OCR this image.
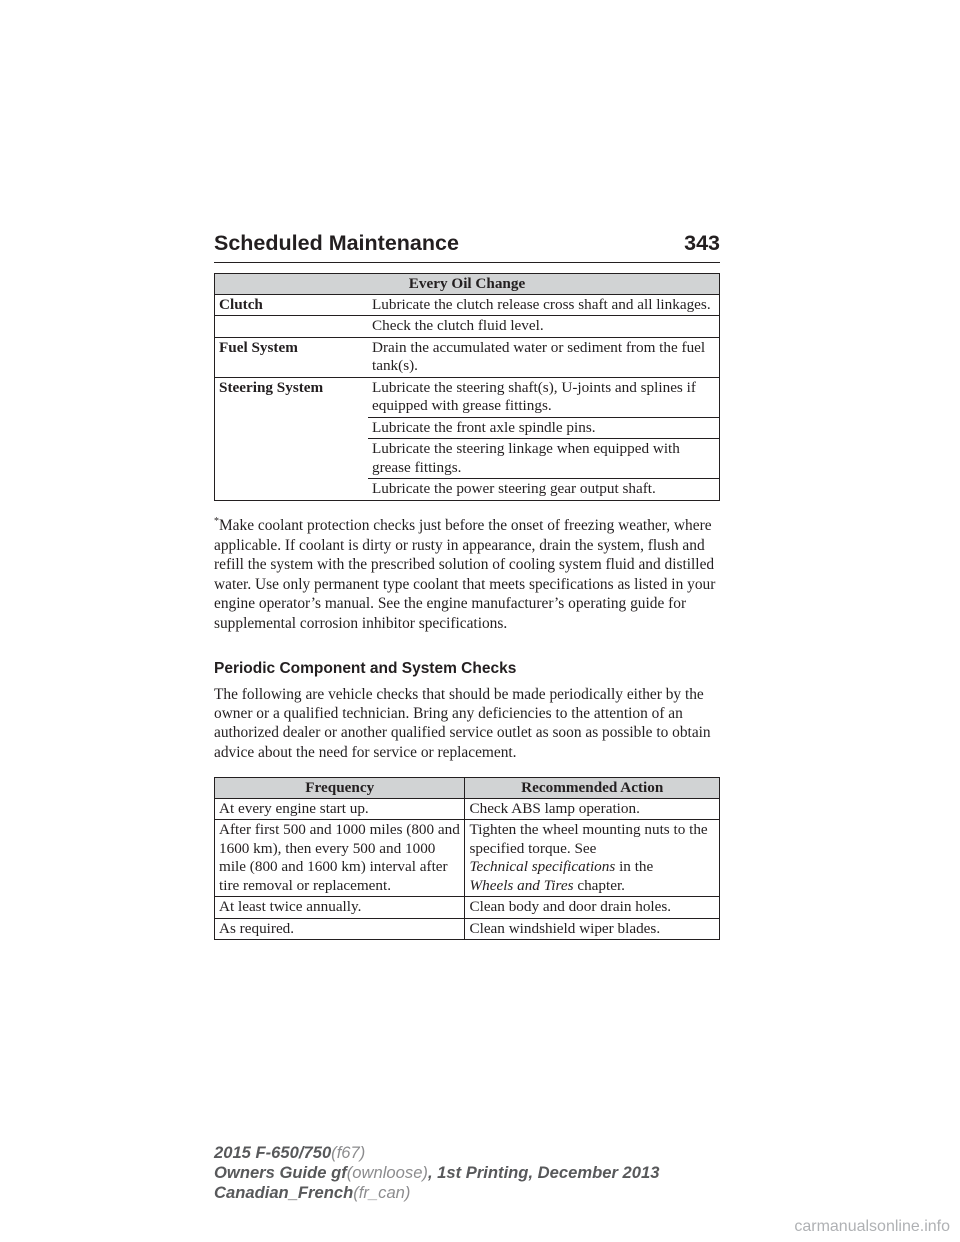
Scheduled Maintenance	343
Every Oil Change	
Clutch	Lubricate the clutch release cross shaft and all linkages.
	Check the clutch fluid level.
Fuel System	Drain the accumulated water or sediment from the fuel tank(s).
Steering System	Lubricate the steering shaft(s), U-joints and splines if equipped with grease fittings.
	Lubricate the front axle spindle pins.
	Lubricate the steering linkage when equipped with grease fittings.
	Lubricate the power steering gear output shaft.
*Make coolant protection checks just before the onset of freezing weather, where applicable. If coolant is dirty or rusty in appearance, drain the system, flush and refill the system with the prescribed solution of cooling system fluid and distilled water. Use only permanent type coolant that meets specifications as listed in your engine operator’s manual. See the engine manufacturer’s operating guide for supplemental corrosion inhibitor specifications.
Periodic Component and System Checks
The following are vehicle checks that should be made periodically either by the owner or a qualified technician. Bring any deficiencies to the attention of an authorized dealer or another qualified service outlet as soon as possible to obtain advice about the need for service or replacement.
Frequency	Recommended Action
At every engine start up.	Check ABS lamp operation.
After first 500 and 1000 miles (800 and 1600 km), then every 500 and 1000 mile (800 and 1600 km) interval after tire removal or replacement.	Tighten the wheel mounting nuts to the specified torque. See
Technical specifications in the
Wheels and Tires chapter.
At least twice annually.	Clean body and door drain holes.
As required.	Clean windshield wiper blades.
2015 F-650/750(f67)
Owners Guide gf(ownloose), 1st Printing, December 2013
Canadian_French(fr_can)
carmanualsonline.info
